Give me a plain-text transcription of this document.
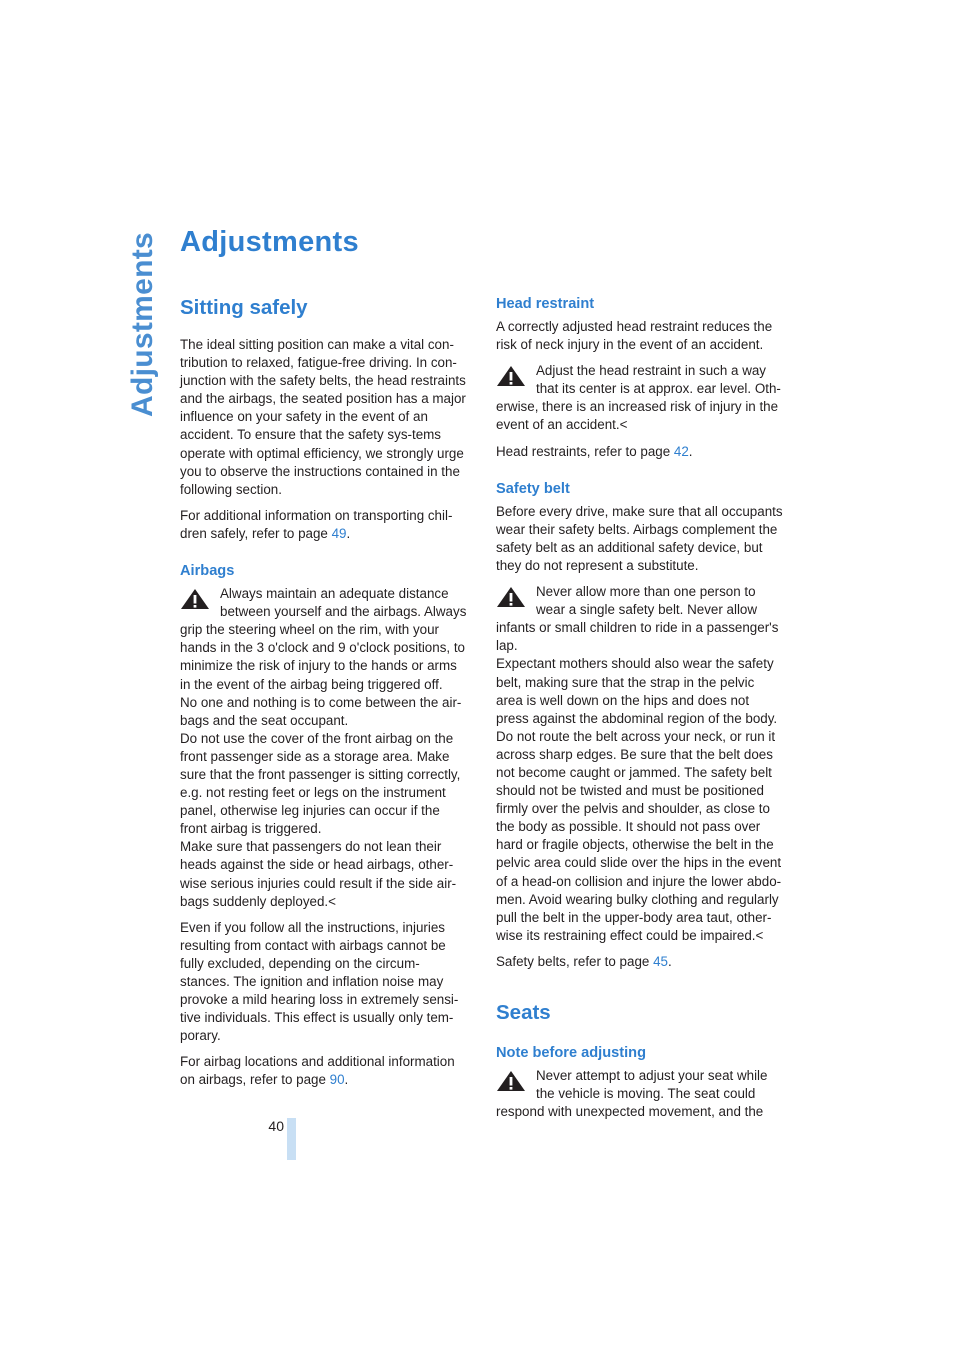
Adjustments Adjustments
Sitting safely

The ideal sitting position can make a vital con-tribution to relaxed, fatigue-free driving. In con-junction with the safety belts, the head restraints and the airbags, the seated position has a major influence on your safety in the event of an accident. To ensure that the safety sys-tems operate with optimal efficiency, we strongly urge you to observe the instructions contained in the following section.

For additional information on transporting chil-dren safely, refer to page 49.

Airbags

Always maintain an adequate distance between yourself and the airbags. Always grip the steering wheel on the rim, with your hands in the 3 o'clock and 9 o'clock positions, to minimize the risk of injury to the hands or arms in the event of the airbag being triggered off.

No one and nothing is to come between the air-bags and the seat occupant.

Do not use the cover of the front airbag on the front passenger side as a storage area. Make sure that the front passenger is sitting correctly, e.g. not resting feet or legs on the instrument panel, otherwise leg injuries can occur if the front airbag is triggered.

Make sure that passengers do not lean their heads against the side or head airbags, other-wise serious injuries could result if the side air-bags suddenly deployed.<

Even if you follow all the instructions, injuries resulting from contact with airbags cannot be fully excluded, depending on the circum-stances. The ignition and inflation noise may provoke a mild hearing loss in extremely sensi-tive individuals. This effect is usually only tem-porary.

For airbag locations and additional information on airbags, refer to page 90.

Head restraint

A correctly adjusted head restraint reduces the risk of neck injury in the event of an accident.

Adjust the head restraint in such a way that its center is at approx. ear level. Oth-erwise, there is an increased risk of injury in the event of an accident.<

Head restraints, refer to page 42.

Safety belt

Before every drive, make sure that all occupants wear their safety belts. Airbags complement the safety belt as an additional safety device, but they do not represent a substitute.

Never allow more than one person to wear a single safety belt. Never allow infants or small children to ride in a passenger's lap.

Expectant mothers should also wear the safety belt, making sure that the strap in the pelvic area is well down on the hips and does not press against the abdominal region of the body.

Do not route the belt across your neck, or run it across sharp edges. Be sure that the belt does not become caught or jammed. The safety belt should not be twisted and must be positioned firmly over the pelvis and shoulder, as close to the body as possible. It should not pass over hard or fragile objects, otherwise the belt in the pelvic area could slide over the hips in the event of a head-on collision and injure the lower abdo-men. Avoid wearing bulky clothing and regularly pull the belt in the upper-body area taut, other-wise its restraining effect could be impaired.<

Safety belts, refer to page 45.

Seats
Note before adjusting

Never attempt to adjust your seat while the vehicle is moving. The seat could respond with unexpected movement, and the

40
